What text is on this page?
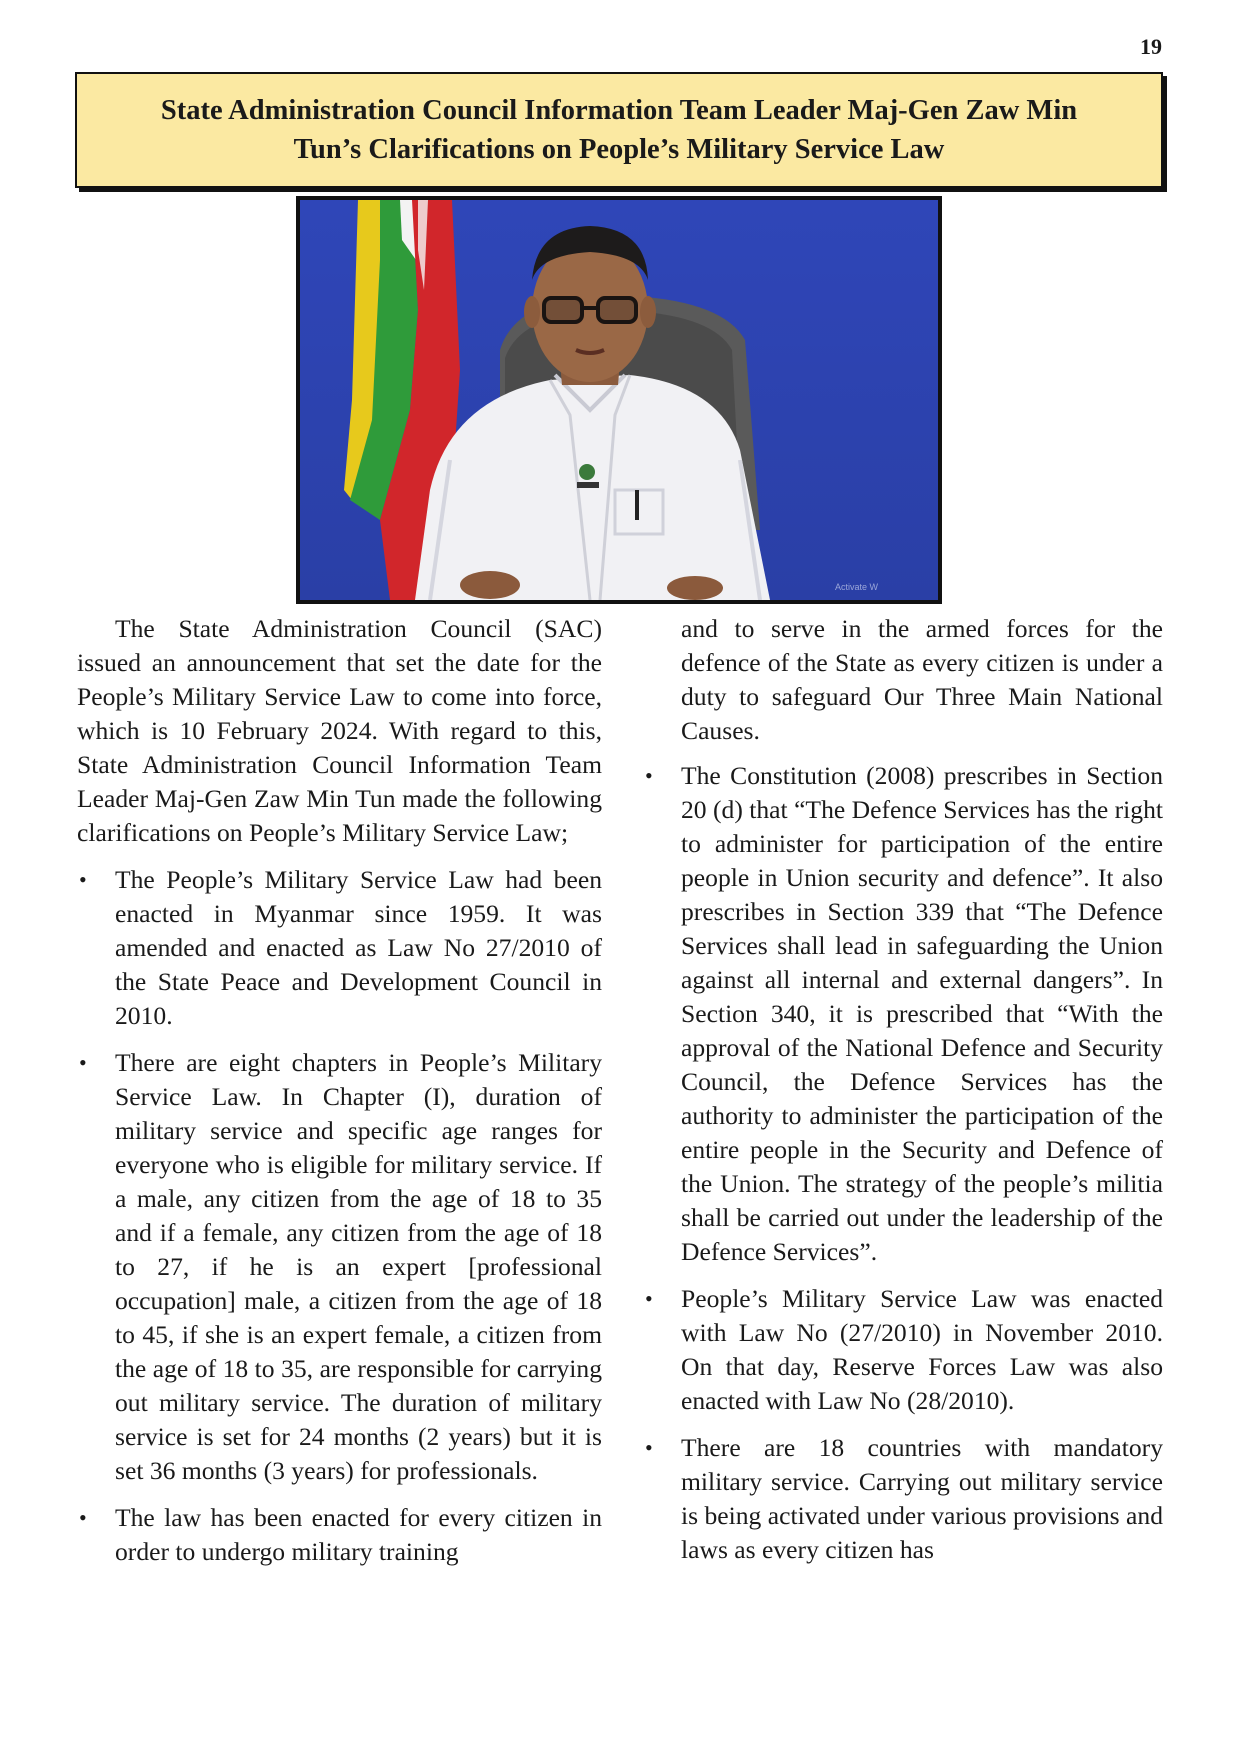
19
State Administration Council Information Team Leader Maj-Gen Zaw Min
Tun’s Clarifications on People’s Military Service Law
Activate W

The State Administration Council (SAC) issued an announcement that set the date for the People’s Military Service Law to come into force, which is 10 February 2024. With regard to this, State Administration Council Information Team Leader Maj-Gen Zaw Min Tun made the following clarifications on People’s Military Service Law;

• The People’s Military Service Law had been enacted in Myanmar since 1959. It was amended and enacted as Law No 27/2010 of the State Peace and Development Council in 2010.
• There are eight chapters in People’s Military Service Law. In Chapter (I), duration of military service and specific age ranges for everyone who is eligible for military service. If a male, any citizen from the age of 18 to 35 and if a female, any citizen from the age of 18 to 27, if he is an expert [professional occupation] male, a citizen from the age of 18 to 45, if she is an expert female, a citizen from the age of 18 to 35, are responsible for carrying out military service. The duration of military service is set for 24 months (2 years) but it is set 36 months (3 years) for professionals.
• The law has been enacted for every citizen in order to undergo military training

and to serve in the armed forces for the defence of the State as every citizen is under a duty to safeguard Our Three Main National Causes.

• The Constitution (2008) prescribes in Section 20 (d) that “The Defence Services has the right to administer for participation of the entire people in Union security and defence”. It also prescribes in Section 339 that “The Defence Services shall lead in safeguarding the Union against all internal and external dangers”. In Section 340, it is prescribed that “With the approval of the National Defence and Security Council, the Defence Services has the authority to administer the participation of the entire people in the Security and Defence of the Union. The strategy of the people’s militia shall be carried out under the leadership of the Defence Services”.
• People’s Military Service Law was enacted with Law No (27/2010) in November 2010. On that day, Reserve Forces Law was also enacted with Law No (28/2010).
• There are 18 countries with mandatory military service. Carrying out military service is being activated under various provisions and laws as every citizen has
